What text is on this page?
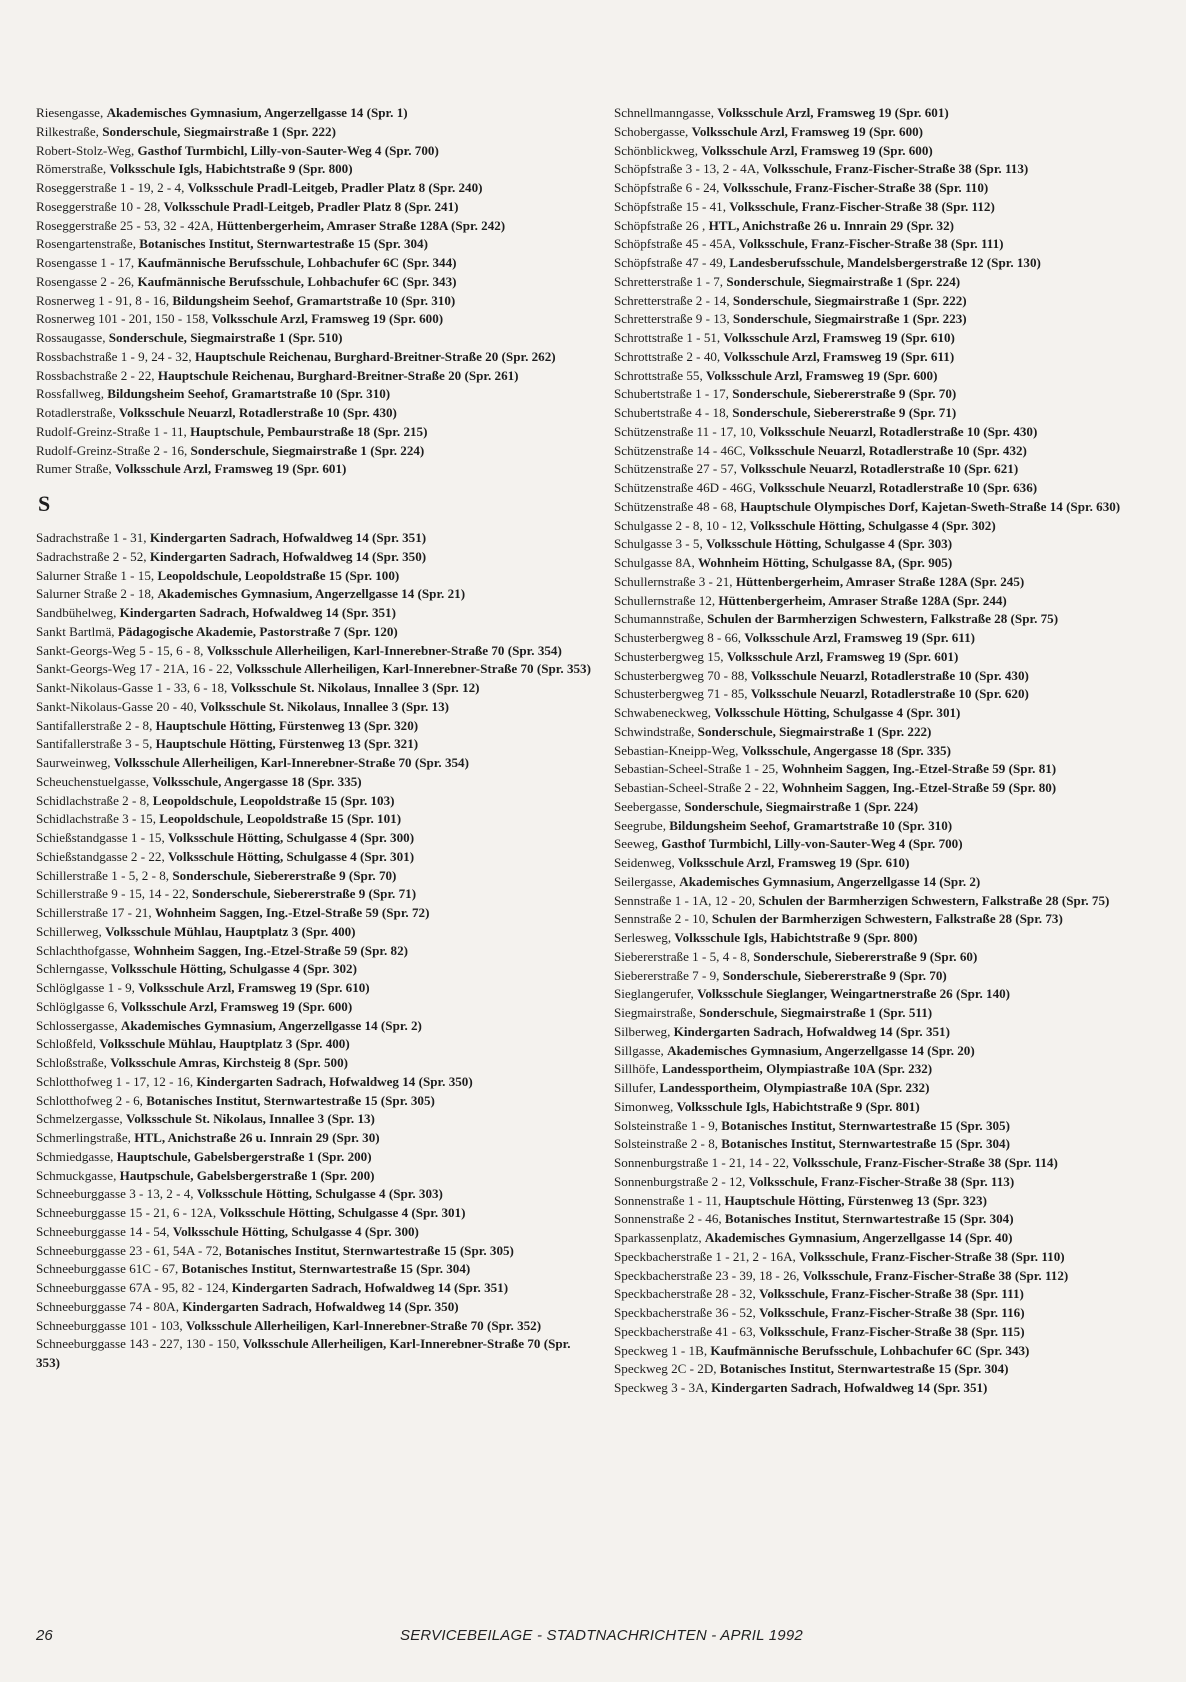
Riesengasse, Akademisches Gymnasium, Angerzellgasse 14 (Spr. 1)
Rilkestraße, Sonderschule, Siegmairstraße 1 (Spr. 222)
Robert-Stolz-Weg, Gasthof Turmbichl, Lilly-von-Sauter-Weg 4 (Spr. 700)
Römerstraße, Volksschule Igls, Habichtstraße 9 (Spr. 800)
Roseggerstraße 1 - 19, 2 - 4, Volksschule Pradl-Leitgeb, Pradler Platz 8 (Spr. 240)
Roseggerstraße 10 - 28, Volksschule Pradl-Leitgeb, Pradler Platz 8 (Spr. 241)
Roseggerstraße 25 - 53, 32 - 42A, Hüttenbergerheim, Amraser Straße 128A (Spr. 242)
Rosengartenstraße, Botanisches Institut, Sternwartestraße 15 (Spr. 304)
Rosengasse 1 - 17, Kaufmännische Berufsschule, Lohbachufer 6C (Spr. 344)
Rosengasse 2 - 26, Kaufmännische Berufsschule, Lohbachufer 6C (Spr. 343)
Rosnerweg 1 - 91, 8 - 16, Bildungsheim Seehof, Gramartstraße 10 (Spr. 310)
Rosnerweg 101 - 201, 150 - 158, Volksschule Arzl, Framsweg 19 (Spr. 600)
Rossaugasse, Sonderschule, Siegmairstraße 1 (Spr. 510)
Rossbachstraße 1 - 9, 24 - 32, Hauptschule Reichenau, Burghard-Breitner-Straße 20 (Spr. 262)
Rossbachstraße 2 - 22, Hauptschule Reichenau, Burghard-Breitner-Straße 20 (Spr. 261)
Rossfallweg, Bildungsheim Seehof, Gramartstraße 10 (Spr. 310)
Rotadlerstraße, Volksschule Neuarzl, Rotadlerstraße 10 (Spr. 430)
Rudolf-Greinz-Straße 1 - 11, Hauptschule, Pembaurstraße 18 (Spr. 215)
Rudolf-Greinz-Straße 2 - 16, Sonderschule, Siegmairstraße 1 (Spr. 224)
Rumer Straße, Volksschule Arzl, Framsweg 19 (Spr. 601)
S
Sadrachstraße 1 - 31, Kindergarten Sadrach, Hofwaldweg 14 (Spr. 351)
Sadrachstraße 2 - 52, Kindergarten Sadrach, Hofwaldweg 14 (Spr. 350)
Salurner Straße 1 - 15, Leopoldschule, Leopoldstraße 15 (Spr. 100)
Salurner Straße 2 - 18, Akademisches Gymnasium, Angerzellgasse 14 (Spr. 21)
Sandbühelweg, Kindergarten Sadrach, Hofwaldweg 14 (Spr. 351)
Sankt Bartlmä, Pädagogische Akademie, Pastorstraße 7 (Spr. 120)
Sankt-Georgs-Weg 5 - 15, 6 - 8, Volksschule Allerheiligen, Karl-Innerebner-Straße 70 (Spr. 354)
Sankt-Georgs-Weg 17 - 21A, 16 - 22, Volksschule Allerheiligen, Karl-Innerebner-Straße 70 (Spr. 353)
Sankt-Nikolaus-Gasse 1 - 33, 6 - 18, Volksschule St. Nikolaus, Innallee 3 (Spr. 12)
Sankt-Nikolaus-Gasse 20 - 40, Volksschule St. Nikolaus, Innallee 3 (Spr. 13)
Santifallerstraße 2 - 8, Hauptschule Hötting, Fürstenweg 13 (Spr. 320)
Santifallerstraße 3 - 5, Hauptschule Hötting, Fürstenweg 13 (Spr. 321)
Saurweinweg, Volksschule Allerheiligen, Karl-Innerebner-Straße 70 (Spr. 354)
Scheuchenstuelgasse, Volksschule, Angergasse 18 (Spr. 335)
Schidlachstraße 2 - 8, Leopoldschule, Leopoldstraße 15 (Spr. 103)
Schidlachstraße 3 - 15, Leopoldschule, Leopoldstraße 15 (Spr. 101)
Schießstandgasse 1 - 15, Volksschule Hötting, Schulgasse 4 (Spr. 300)
Schießstandgasse 2 - 22, Volksschule Hötting, Schulgasse 4 (Spr. 301)
Schillerstraße 1 - 5, 2 - 8, Sonderschule, Siebererstraße 9 (Spr. 70)
Schillerstraße 9 - 15, 14 - 22, Sonderschule, Siebererstraße 9 (Spr. 71)
Schillerstraße 17 - 21, Wohnheim Saggen, Ing.-Etzel-Straße 59 (Spr. 72)
Schillerweg, Volksschule Mühlau, Hauptplatz 3 (Spr. 400)
Schlachthofgasse, Wohnheim Saggen, Ing.-Etzel-Straße 59 (Spr. 82)
Schlerngasse, Volksschule Hötting, Schulgasse 4 (Spr. 302)
Schlöglgasse 1 - 9, Volksschule Arzl, Framsweg 19 (Spr. 610)
Schlöglgasse 6, Volksschule Arzl, Framsweg 19 (Spr. 600)
Schlossergasse, Akademisches Gymnasium, Angerzellgasse 14 (Spr. 2)
Schloßfeld, Volksschule Mühlau, Hauptplatz 3 (Spr. 400)
Schloßstraße, Volksschule Amras, Kirchsteig 8 (Spr. 500)
Schlotthofweg 1 - 17, 12 - 16, Kindergarten Sadrach, Hofwaldweg 14 (Spr. 350)
Schlotthofweg 2 - 6, Botanisches Institut, Sternwartestraße 15 (Spr. 305)
Schmelzergasse, Volksschule St. Nikolaus, Innallee 3 (Spr. 13)
Schmerlingstraße, HTL, Anichstraße 26 u. Innrain 29 (Spr. 30)
Schmiedgasse, Hauptschule, Gabelsbergerstraße 1 (Spr. 200)
Schmuckgasse, Hautpschule, Gabelsbergerstraße 1 (Spr. 200)
Schneeburggasse 3 - 13, 2 - 4, Volksschule Hötting, Schulgasse 4 (Spr. 303)
Schneeburggasse 15 - 21, 6 - 12A, Volksschule Hötting, Schulgasse 4 (Spr. 301)
Schneeburggasse 14 - 54, Volksschule Hötting, Schulgasse 4 (Spr. 300)
Schneeburggasse 23 - 61, 54A - 72, Botanisches Institut, Sternwartestraße 15 (Spr. 305)
Schneeburggasse 61C - 67, Botanisches Institut, Sternwartestraße 15 (Spr. 304)
Schneeburggasse 67A - 95, 82 - 124, Kindergarten Sadrach, Hofwaldweg 14 (Spr. 351)
Schneeburggasse 74 - 80A, Kindergarten Sadrach, Hofwaldweg 14 (Spr. 350)
Schneeburggasse 101 - 103, Volksschule Allerheiligen, Karl-Innerebner-Straße 70 (Spr. 352)
Schneeburggasse 143 - 227, 130 - 150, Volksschule Allerheiligen, Karl-Innerebner-Straße 70 (Spr. 353)
Schnellmanngasse, Volksschule Arzl, Framsweg 19 (Spr. 601)
Schobergasse, Volksschule Arzl, Framsweg 19 (Spr. 600)
Schönblickweg, Volksschule Arzl, Framsweg 19 (Spr. 600)
Schöpfstraße 3 - 13, 2 - 4A, Volksschule, Franz-Fischer-Straße 38 (Spr. 113)
Schöpfstraße 6 - 24, Volksschule, Franz-Fischer-Straße 38 (Spr. 110)
Schöpfstraße 15 - 41, Volksschule, Franz-Fischer-Straße 38 (Spr. 112)
Schöpfstraße 26 , HTL, Anichstraße 26 u. Innrain 29 (Spr. 32)
Schöpfstraße 45 - 45A, Volksschule, Franz-Fischer-Straße 38 (Spr. 111)
Schöpfstraße 47 - 49, Landesberufsschule, Mandelsbergerstraße 12 (Spr. 130)
Schretterstraße 1 - 7, Sonderschule, Siegmairstraße 1 (Spr. 224)
Schretterstraße 2 - 14, Sonderschule, Siegmairstraße 1 (Spr. 222)
Schretterstraße 9 - 13, Sonderschule, Siegmairstraße 1 (Spr. 223)
Schrottstraße 1 - 51, Volksschule Arzl, Framsweg 19 (Spr. 610)
Schrottstraße 2 - 40, Volksschule Arzl, Framsweg 19 (Spr. 611)
Schrottstraße 55, Volksschule Arzl, Framsweg 19 (Spr. 600)
Schubertstraße 1 - 17, Sonderschule, Siebererstraße 9 (Spr. 70)
Schubertstraße 4 - 18, Sonderschule, Siebererstraße 9 (Spr. 71)
Schützenstraße 11 - 17, 10, Volksschule Neuarzl, Rotadlerstraße 10 (Spr. 430)
Schützenstraße 14 - 46C, Volksschule Neuarzl, Rotadlerstraße 10 (Spr. 432)
Schützenstraße 27 - 57, Volksschule Neuarzl, Rotadlerstraße 10 (Spr. 621)
Schützenstraße 46D - 46G, Volksschule Neuarzl, Rotadlerstraße 10 (Spr. 636)
Schützenstraße 48 - 68, Hauptschule Olympisches Dorf, Kajetan-Sweth-Straße 14 (Spr. 630)
Schulgasse 2 - 8, 10 - 12, Volksschule Hötting, Schulgasse 4 (Spr. 302)
Schulgasse 3 - 5, Volksschule Hötting, Schulgasse 4 (Spr. 303)
Schulgasse 8A, Wohnheim Hötting, Schulgasse 8A, (Spr. 905)
Schullernstraße 3 - 21, Hüttenbergerheim, Amraser Straße 128A (Spr. 245)
Schullernstraße 12, Hüttenbergerheim, Amraser Straße 128A (Spr. 244)
Schumannstraße, Schulen der Barmherzigen Schwestern, Falkstraße 28 (Spr. 75)
Schusterbergweg 8 - 66, Volksschule Arzl, Framsweg 19 (Spr. 611)
Schusterbergweg 15, Volksschule Arzl, Framsweg 19 (Spr. 601)
Schusterbergweg 70 - 88, Volksschule Neuarzl, Rotadlerstraße 10 (Spr. 430)
Schusterbergweg 71 - 85, Volksschule Neuarzl, Rotadlerstraße 10 (Spr. 620)
Schwabeneckweg, Volksschule Hötting, Schulgasse 4 (Spr. 301)
Schwindstraße, Sonderschule, Siegmairstraße 1 (Spr. 222)
Sebastian-Kneipp-Weg, Volksschule, Angergasse 18 (Spr. 335)
Sebastian-Scheel-Straße 1 - 25, Wohnheim Saggen, Ing.-Etzel-Straße 59 (Spr. 81)
Sebastian-Scheel-Straße 2 - 22, Wohnheim Saggen, Ing.-Etzel-Straße 59 (Spr. 80)
Seebergasse, Sonderschule, Siegmairstraße 1 (Spr. 224)
Seegrube, Bildungsheim Seehof, Gramartstraße 10 (Spr. 310)
Seeweg, Gasthof Turmbichl, Lilly-von-Sauter-Weg 4 (Spr. 700)
Seidenweg, Volksschule Arzl, Framsweg 19 (Spr. 610)
Seilergasse, Akademisches Gymnasium, Angerzellgasse 14 (Spr. 2)
Sennstraße 1 - 1A, 12 - 20, Schulen der Barmherzigen Schwestern, Falkstraße 28 (Spr. 75)
Sennstraße 2 - 10, Schulen der Barmherzigen Schwestern, Falkstraße 28 (Spr. 73)
Serlesweg, Volksschule Igls, Habichtstraße 9 (Spr. 800)
Siebererstraße 1 - 5, 4 - 8, Sonderschule, Siebererstraße 9 (Spr. 60)
Siebererstraße 7 - 9, Sonderschule, Siebererstraße 9 (Spr. 70)
Sieglangerufer, Volksschule Sieglanger, Weingartnerstraße 26 (Spr. 140)
Siegmairstraße, Sonderschule, Siegmairstraße 1 (Spr. 511)
Silberweg, Kindergarten Sadrach, Hofwaldweg 14 (Spr. 351)
Sillgasse, Akademisches Gymnasium, Angerzellgasse 14 (Spr. 20)
Sillhöfe, Landessportheim, Olympiastraße 10A (Spr. 232)
Sillufer, Landessportheim, Olympiastraße 10A (Spr. 232)
Simonweg, Volksschule Igls, Habichtstraße 9 (Spr. 801)
Solsteinstraße 1 - 9, Botanisches Institut, Sternwartestraße 15 (Spr. 305)
Solsteinstraße 2 - 8, Botanisches Institut, Sternwartestraße 15 (Spr. 304)
Sonnenburgstraße 1 - 21, 14 - 22, Volksschule, Franz-Fischer-Straße 38 (Spr. 114)
Sonnenburgstraße 2 - 12, Volksschule, Franz-Fischer-Straße 38 (Spr. 113)
Sonnenstraße 1 - 11, Hauptschule Hötting, Fürstenweg 13 (Spr. 323)
Sonnenstraße 2 - 46, Botanisches Institut, Sternwartestraße 15 (Spr. 304)
Sparkassenplatz, Akademisches Gymnasium, Angerzellgasse 14 (Spr. 40)
Speckbacherstraße 1 - 21, 2 - 16A, Volksschule, Franz-Fischer-Straße 38 (Spr. 110)
Speckbacherstraße 23 - 39, 18 - 26, Volksschule, Franz-Fischer-Straße 38 (Spr. 112)
Speckbacherstraße 28 - 32, Volksschule, Franz-Fischer-Straße 38 (Spr. 111)
Speckbacherstraße 36 - 52, Volksschule, Franz-Fischer-Straße 38 (Spr. 116)
Speckbacherstraße 41 - 63, Volksschule, Franz-Fischer-Straße 38 (Spr. 115)
Speckweg 1 - 1B, Kaufmännische Berufsschule, Lohbachufer 6C (Spr. 343)
Speckweg 2C - 2D, Botanisches Institut, Sternwartestraße 15 (Spr. 304)
Speckweg 3 - 3A, Kindergarten Sadrach, Hofwaldweg 14 (Spr. 351)
26	SERVICEBEILAGE - STADTNACHRICHTEN - APRIL 1992
